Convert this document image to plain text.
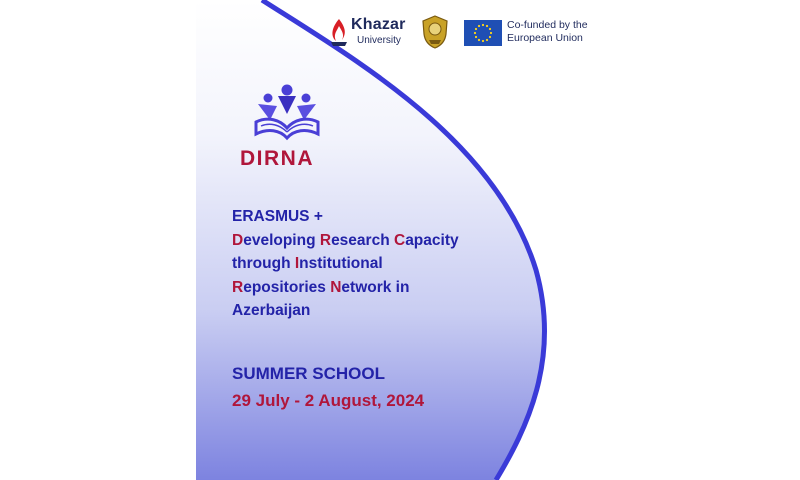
Khazar
University
Co-funded by the
European Union
DIRNA
ERASMUS +
Developing Research Capacity
through Institutional
Repositories Network in
Azerbaijan
SUMMER SCHOOL
29 July - 2 August, 2024
